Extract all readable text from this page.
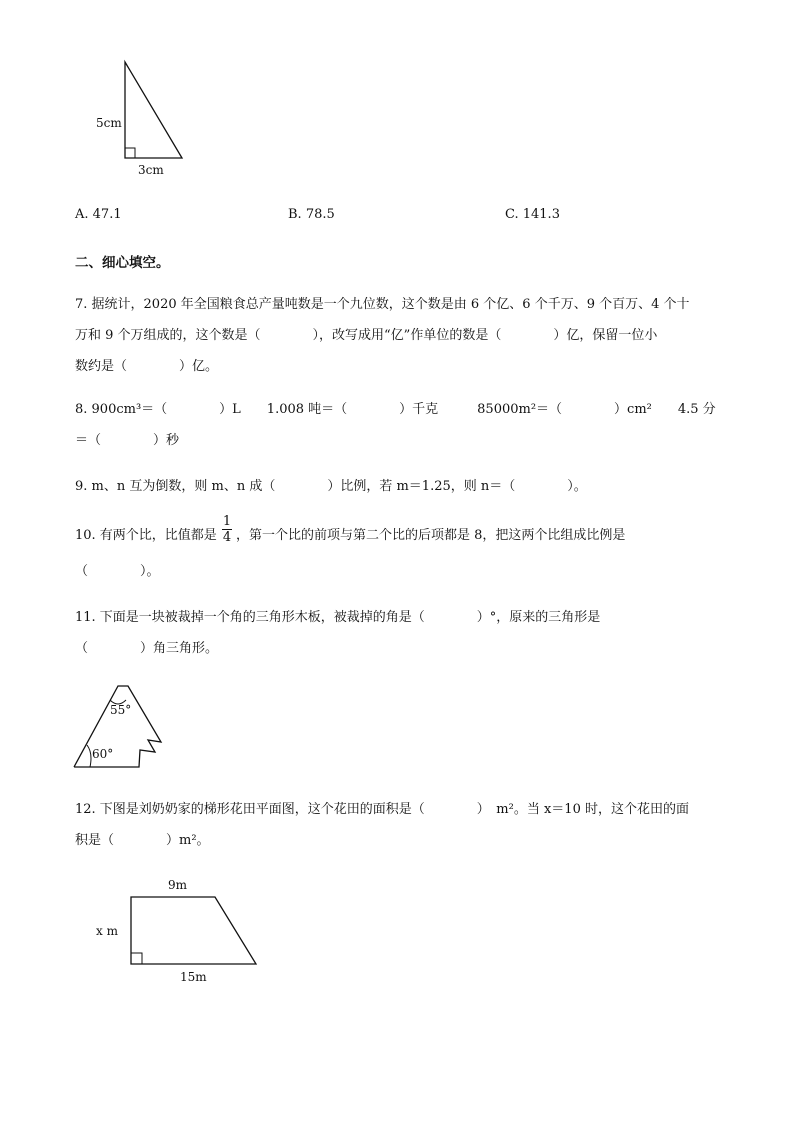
5cm
3cm
A. 47.1	B. 78.5	C. 141.3
二、细心填空。
7. 据统计，2020 年全国粮食总产量吨数是一个九位数，这个数是由 6 个亿、6 个千万、9 个百万、4 个十
万和 9 个万组成的，这个数是（　　　　），改写成用“亿”作单位的数是（　　　　）亿，保留一位小
数约是（　　　　）亿。
8. 900cm³＝（　　　　）L　　1.008 吨＝（　　　　）千克　　　85000m²＝（　　　　）cm²　　4.5 分
＝（　　　　）秒
9. m、n 互为倒数，则 m、n 成（　　　　）比例，若 m＝1.25，则 n＝（　　　　）。
10. 有两个比，比值都是
1
4 ，第一个比的前项与第二个比的后项都是 8，把这两个比组成比例是
（　　　　）。
11. 下面是一块被裁掉一个角的三角形木板，被裁掉的角是（　　　　）°，原来的三角形是
（　　　　）角三角形。
55°
60°
12. 下图是刘奶奶家的梯形花田平面图，这个花田的面积是（　　　　）　m²。当 x＝10 时，这个花田的面
积是（　　　　）m²。
9m
x m
15m
